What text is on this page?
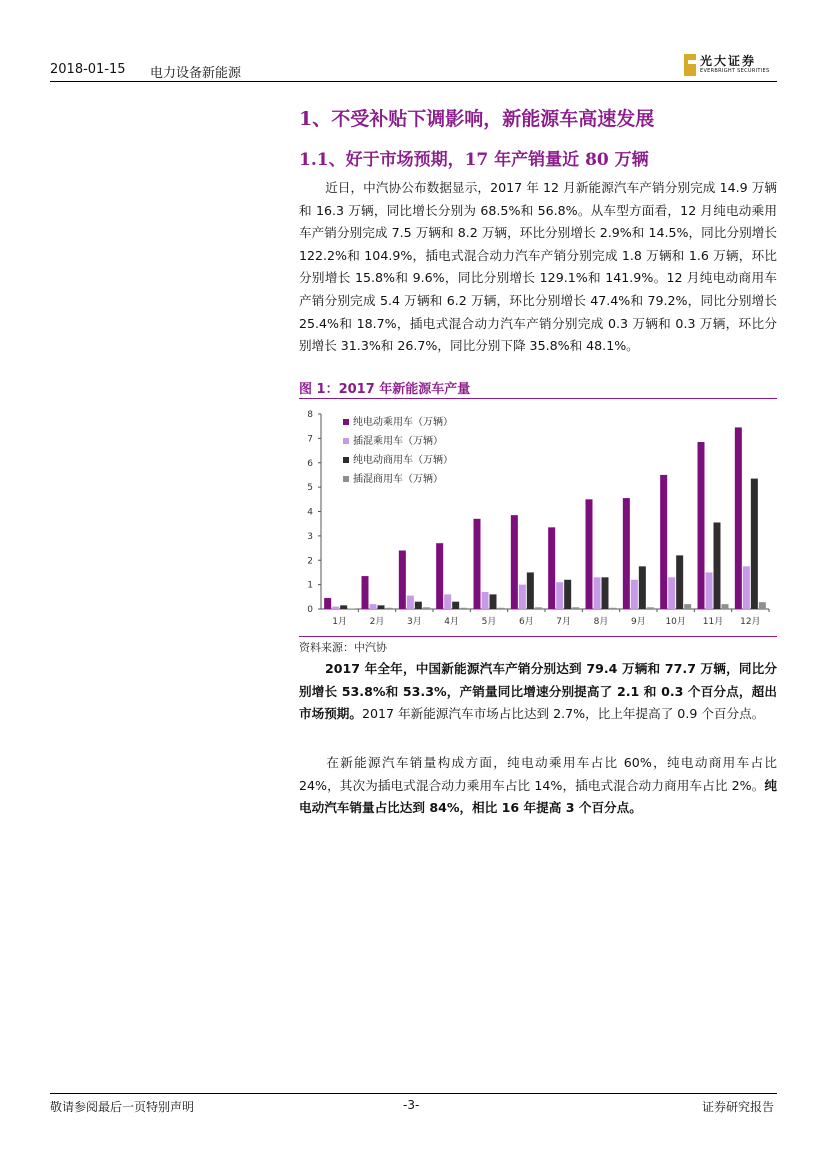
2018-01-15 电力设备新能源
光大证券
EVERBRIGHT SECURITIES
1、不受补贴下调影响，新能源车高速发展
1.1、好于市场预期，17 年产销量近 80 万辆
近日，中汽协公布数据显示，2017 年 12 月新能源汽车产销分别完成 14.9 万辆和 16.3 万辆，同比增长分别为 68.5%和 56.8%。从车型方面看，12 月纯电动乘用车产销分别完成 7.5 万辆和 8.2 万辆，环比分别增长 2.9%和 14.5%，同比分别增长 122.2%和 104.9%，插电式混合动力汽车产销分别完成 1.8 万辆和 1.6 万辆，环比分别增长 15.8%和 9.6%，同比分别增长 129.1%和 141.9%。12 月纯电动商用车产销分别完成 5.4 万辆和 6.2 万辆，环比分别增长 47.4%和 79.2%，同比分别增长 25.4%和 18.7%，插电式混合动力汽车产销分别完成 0.3 万辆和 0.3 万辆，环比分别增长 31.3%和 26.7%，同比分别下降 35.8%和 48.1%。
图 1：2017 年新能源车产量
0
1
2
3
4
5
6
7
8
1月	2月	3月	4月	5月	6月	7月	8月	9月 10月 11月 12月
纯电动乘用车（万辆）
插混乘用车（万辆）
纯电动商用车（万辆）
插混商用车（万辆）
资料来源：中汽协
2017 年全年，中国新能源汽车产销分别达到 79.4 万辆和 77.7 万辆，同比分别增长 53.8%和 53.3%，产销量同比增速分别提高了 2.1 和 0.3 个百分点，超出市场预期。2017 年新能源汽车市场占比达到 2.7%，比上年提高了 0.9 个百分点。
在新能源汽车销量构成方面，纯电动乘用车占比 60%，纯电动商用车占比 24%，其次为插电式混合动力乘用车占比 14%，插电式混合动力商用车占比 2%。纯电动汽车销量占比达到 84%，相比 16 年提高 3 个百分点。
敬请参阅最后一页特别声明	-3-	证券研究报告
